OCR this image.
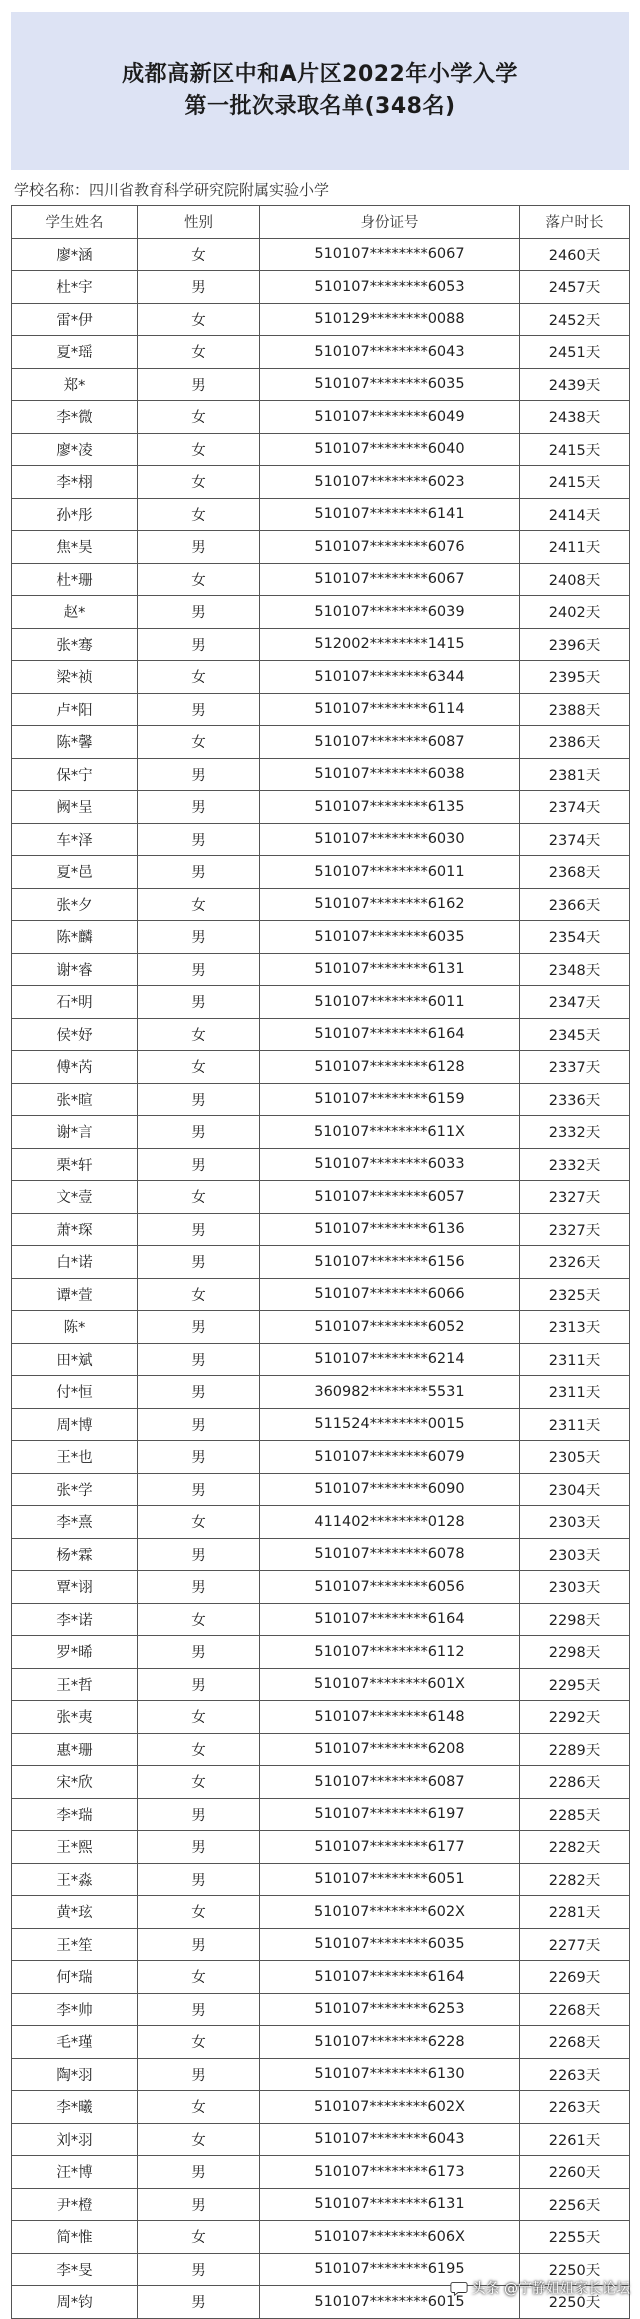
成都高新区中和A片区2022年小学入学
第一批次录取名单(348名)
学校名称：四川省教育科学研究院附属实验小学
学生姓名	性别	身份证号	落户时长
廖*涵	女	510107********6067	2460天
杜*宇	男	510107********6053	2457天
雷*伊	女	510129********0088	2452天
夏*瑶	女	510107********6043	2451天
郑*	男	510107********6035	2439天
李*微	女	510107********6049	2438天
廖*凌	女	510107********6040	2415天
李*栩	女	510107********6023	2415天
孙*彤	女	510107********6141	2414天
焦*昊	男	510107********6076	2411天
杜*珊	女	510107********6067	2408天
赵*	男	510107********6039	2402天
张*骞	男	512002********1415	2396天
梁*祯	女	510107********6344	2395天
卢*阳	男	510107********6114	2388天
陈*馨	女	510107********6087	2386天
保*宁	男	510107********6038	2381天
阙*呈	男	510107********6135	2374天
车*泽	男	510107********6030	2374天
夏*邑	男	510107********6011	2368天
张*夕	女	510107********6162	2366天
陈*麟	男	510107********6035	2354天
谢*睿	男	510107********6131	2348天
石*明	男	510107********6011	2347天
侯*妤	女	510107********6164	2345天
傅*芮	女	510107********6128	2337天
张*暄	男	510107********6159	2336天
谢*言	男	510107********611X	2332天
栗*轩	男	510107********6033	2332天
文*壹	女	510107********6057	2327天
萧*琛	男	510107********6136	2327天
白*诺	男	510107********6156	2326天
谭*萱	女	510107********6066	2325天
陈*	男	510107********6052	2313天
田*斌	男	510107********6214	2311天
付*恒	男	360982********5531	2311天
周*博	男	511524********0015	2311天
王*也	男	510107********6079	2305天
张*学	男	510107********6090	2304天
李*熹	女	411402********0128	2303天
杨*霖	男	510107********6078	2303天
覃*诩	男	510107********6056	2303天
李*诺	女	510107********6164	2298天
罗*晞	男	510107********6112	2298天
王*哲	男	510107********601X	2295天
张*夷	女	510107********6148	2292天
惠*珊	女	510107********6208	2289天
宋*欣	女	510107********6087	2286天
李*瑞	男	510107********6197	2285天
王*熙	男	510107********6177	2282天
王*淼	男	510107********6051	2282天
黄*玹	女	510107********602X	2281天
王*笙	男	510107********6035	2277天
何*瑞	女	510107********6164	2269天
李*帅	男	510107********6253	2268天
毛*瑾	女	510107********6228	2268天
陶*羽	男	510107********6130	2263天
李*曦	女	510107********602X	2263天
刘*羽	女	510107********6043	2261天
汪*博	男	510107********6173	2260天
尹*橙	男	510107********6131	2256天
简*惟	女	510107********606X	2255天
李*旻	男	510107********6195	2250天
周*钧	男	510107********6015	2250天
头条 @宁静姐姐家长论坛
